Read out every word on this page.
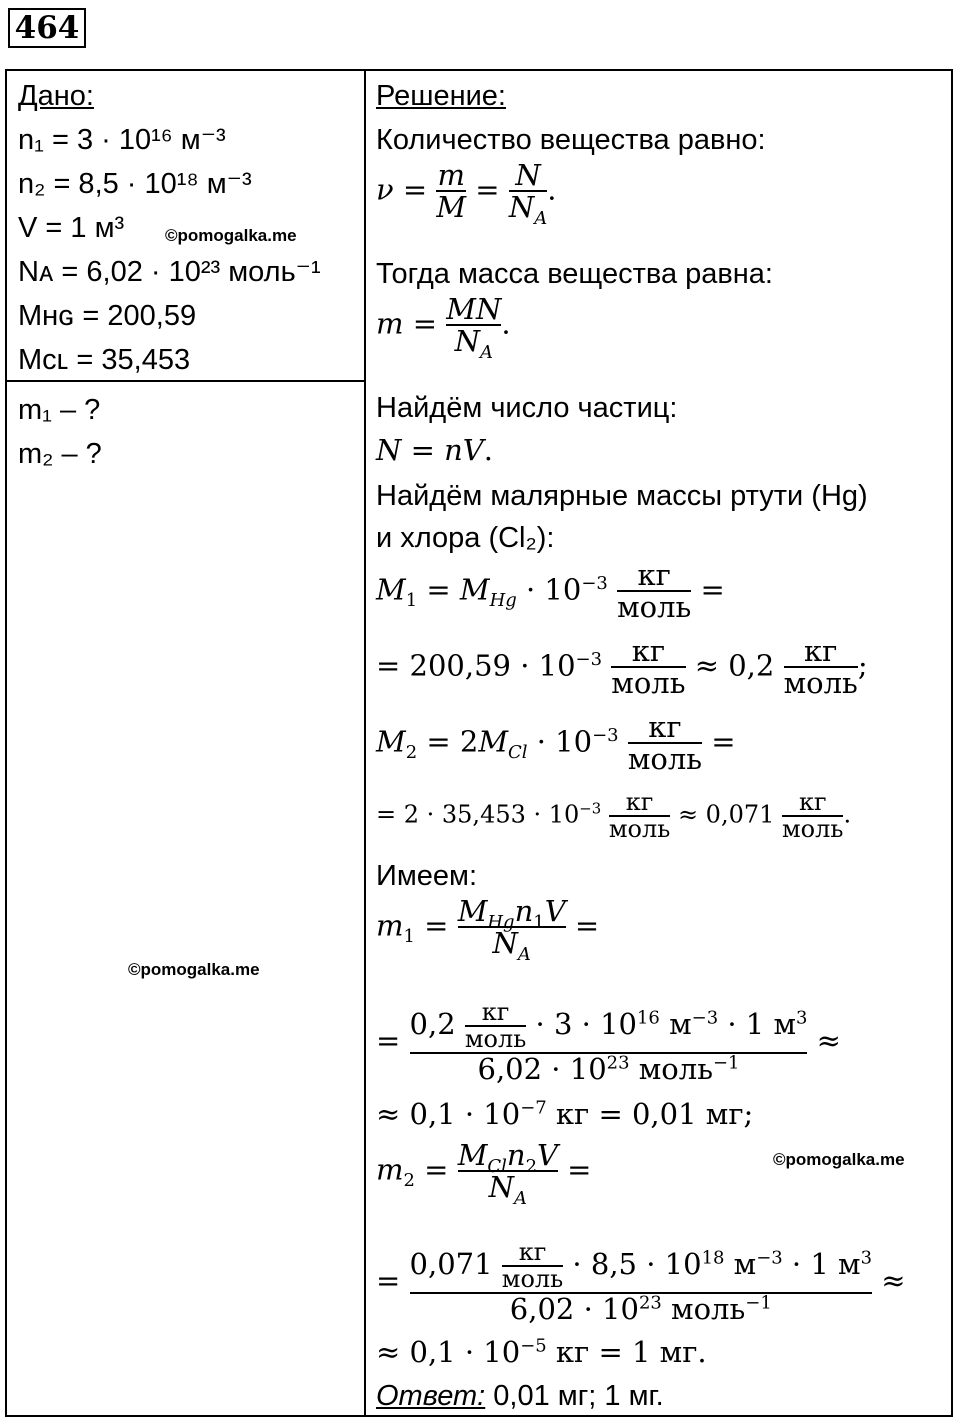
464
Дано:
n₁ = 3 · 10¹⁶ м⁻³
n₂ = 8,5 · 10¹⁸ м⁻³
V = 1 м³
Nᴀ = 6,02 · 10²³ моль⁻¹
Mʜɢ = 200,59
Mᴄʟ = 35,453
©pomogalka.me
m₁ – ?
m₂ – ?
©pomogalka.me
Решение:
Количество вещества равно:
$\nu = \frac{m}{M} = \frac{N}{N_A}$ .
Тогда масса вещества равна:
$m = \frac{MN}{N_A}$ .
Найдём число частиц:
N = nV.
Найдём малярные массы ртути (Hg)
и хлора (Cl₂):
$M_1 = M_{Hg} \cdot 10^{-3} \frac{кг}{\text{моль}}$ =
= $200,59 \cdot 10^{-3} \frac{кг}{\text{моль}} \approx 0,2 \frac{кг}{\text{моль}}$ ;
$M_2 = 2M_{Cl} \cdot 10^{-3} \frac{кг}{\text{моль}}$ =
= $2 \cdot 35,453 \cdot 10^{-3} \frac{кг}{\text{моль}} \approx 0,071 \frac{кг}{\text{моль}}$ .
Имеем:
$m_1 = \frac{M_{Hg}n_1V}{N_A}$ =
= $\frac{0,2 \frac{кг}{\text{моль}} \cdot 3 \cdot 10^{16} м^{-3} \cdot 1 м^3}{6,02 \cdot 10^{23} моль^{-1}}$ ≈
≈ $0,1 \cdot 10^{-7}$ кг = 0,01 мг;
©pomogalka.me
$m_2 = \frac{M_{Cl}n_2V}{N_A}$ =
= $\frac{0,071 \frac{кг}{\text{моль}} \cdot 8,5 \cdot 10^{18} м^{-3} \cdot 1 м^3}{6,02 \cdot 10^{23} моль^{-1}}$ ≈
≈ $0,1 \cdot 10^{-5}$ кг = 1 мг.
Ответ: 0,01 мг; 1 мг.
